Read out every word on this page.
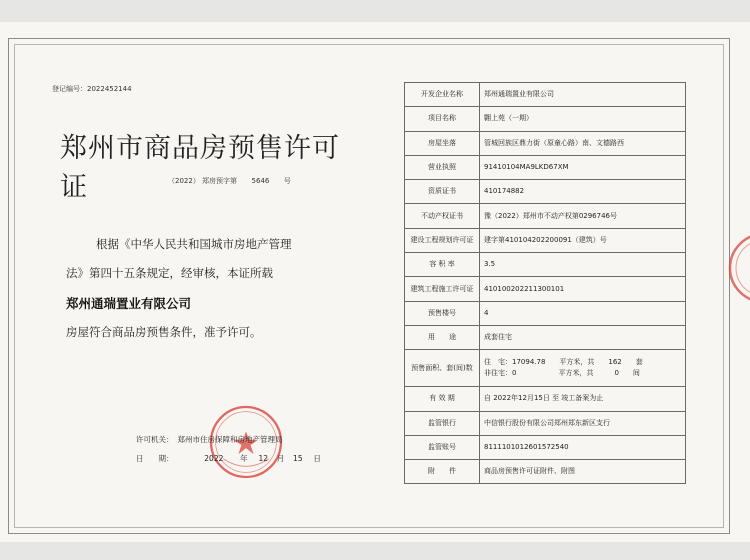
登记编号：2022452144
郑州市商品房预售许可证	（2022） 郑房预字第 5646 号
根据《中华人民共和国城市房地产管理
法》第四十五条规定，经审核，本证所载
郑州通瑞置业有限公司
房屋符合商品房预售条件，准予许可。
许可机关： 郑州市住房保障和房地产管理局
日　　期：	2022 年 12 月 15 日
开发企业名称	郑州通瑞置业有限公司
项目名称	翾上苑（一期）
房屋坐落	管城回族区鼎力街（原童心路）南、文德路西
营业执照	91410104MA9LKD67XM
资质证书	410174882
不动产权证书	豫（2022）郑州市不动产权第0296746号
建设工程规划许可证	建字第410104202200091（建筑）号
容 积 率	3.5
建筑工程施工许可证	410100202211300101
预售楼号	4
用　　途	成套住宅
预售面积、套(间)数	住　宅：17094.78　　平方米，共　　162　　套
非住宅：0　　　　　　平方米，共　　　0　　间

有 效 期	自 2022年12月15日 至 竣工备案为止
监管银行	中信银行股份有限公司郑州郑东新区支行
监管账号	8111101012601572540
附　　件	商品房预售许可证附件、附图
